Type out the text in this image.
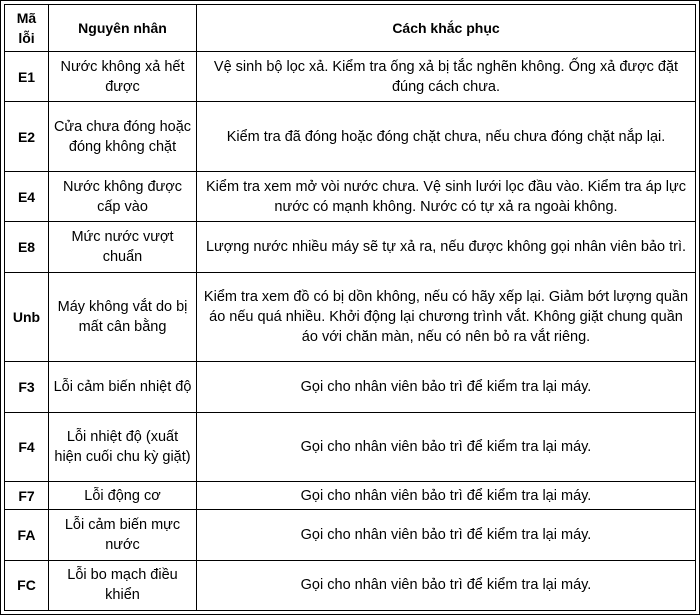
Mã lỗi	Nguyên nhân	Cách khắc phục
E1	Nước không xả hết được	Vệ sinh bộ lọc xả. Kiểm tra ống xả bị tắc nghẽn không. Ống xả được đặt đúng cách chưa.
E2	Cửa chưa đóng hoặc đóng không chặt	Kiểm tra đã đóng hoặc đóng chặt chưa, nếu chưa đóng chặt nắp lại.
E4	Nước không được cấp vào	Kiểm tra xem mở vòi nước chưa. Vệ sinh lưới lọc đầu vào. Kiểm tra áp lực nước có mạnh không. Nước có tự xả ra ngoài không.
E8	Mức nước vượt chuẩn	Lượng nước nhiều máy sẽ tự xả ra, nếu được không gọi nhân viên bảo trì.
Unb	Máy không vắt do bị mất cân bằng	Kiểm tra xem đồ có bị dồn không, nếu có hãy xếp lại. Giảm bớt lượng quần áo nếu quá nhiều. Khởi động lại chương trình vắt. Không giặt chung quần áo với chăn màn, nếu có nên bỏ ra vắt riêng.
F3	Lỗi cảm biến nhiệt độ	Gọi cho nhân viên bảo trì để kiểm tra lại máy.
F4	Lỗi nhiệt độ (xuất hiện cuối chu kỳ giặt)	Gọi cho nhân viên bảo trì để kiểm tra lại máy.
F7	Lỗi động cơ	Gọi cho nhân viên bảo trì để kiểm tra lại máy.
FA	Lỗi cảm biến mực nước	Gọi cho nhân viên bảo trì để kiểm tra lại máy.
FC	Lỗi bo mạch điều khiển	Gọi cho nhân viên bảo trì để kiểm tra lại máy.
